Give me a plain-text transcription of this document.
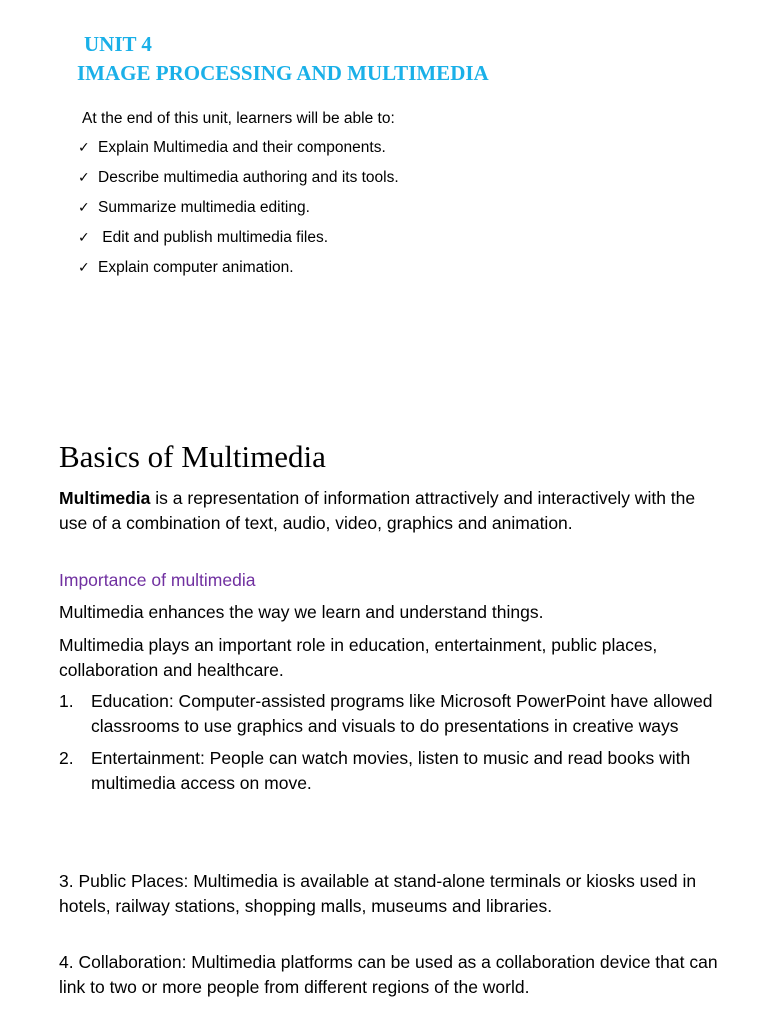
UNIT 4
IMAGE PROCESSING AND MULTIMEDIA
At the end of this unit, learners will be able to:
✓ Explain Multimedia and their components.
✓ Describe multimedia authoring and its tools.
✓ Summarize multimedia editing.
✓ Edit and publish multimedia files.
✓ Explain computer animation.
Basics of Multimedia

Multimedia is a representation of information attractively and interactively with the use of a combination of text, audio, video, graphics and animation.

Importance of multimedia

Multimedia enhances the way we learn and understand things.

Multimedia plays an important role in education, entertainment, public places, collaboration and healthcare.

1. Education: Computer-assisted programs like Microsoft PowerPoint have allowed classrooms to use graphics and visuals to do presentations in creative ways
2. Entertainment: People can watch movies, listen to music and read books with multimedia access on move.

3. Public Places: Multimedia is available at stand-alone terminals or kiosks used in hotels, railway stations, shopping malls, museums and libraries.

4. Collaboration: Multimedia platforms can be used as a collaboration device that can link to two or more people from different regions of the world.
